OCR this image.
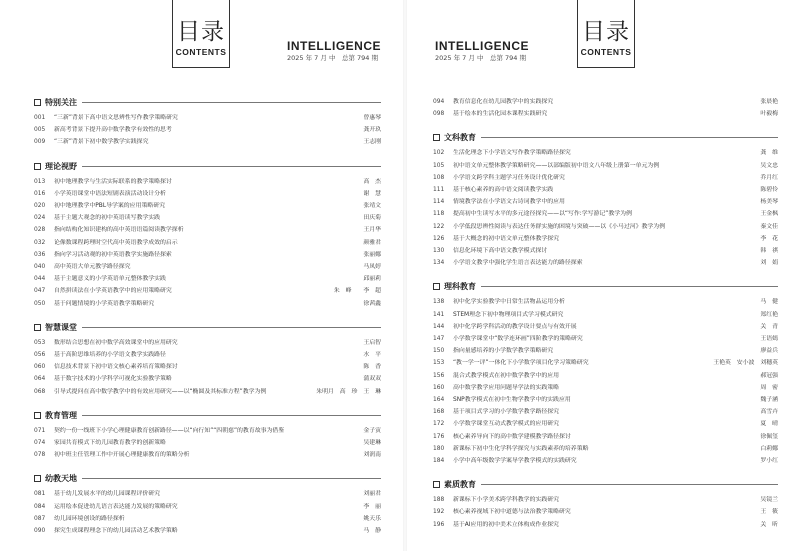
目录
CONTENTS	INTELLIGENCE
2025 年 7 月 中　总第 794 期
特别关注
001	“三新”背景下高中语文思辨性写作教学策略研究	曾惠琴
005	新高考背景下提升高中数学教学有效性的思考	龚开玖
009	“三新”背景下初中数学教学实践探究	王志刚
理论视野
013	初中地理教学与生活实际联系的教学策略探讨	高　杰
016	小学英语课堂中语法短剧表演活动设计分析	谢　慧
020	初中地理教学中PBL导学案的应用策略研究	张靖文
024	基于主题大观念的初中英语读写教学实践	田庆菊
028	指向结构化知识建构的高中英语语篇阅读教学探析	王月华
032	论像数课程跨理时空代高中英语教学成效的启示	颜雅君
036	指向学习活动观的初中英语教学实施路径探索	张丽娜
040	高中英语大单元教学路径探究	马凤婷
044	基于主题意义的小学英语单元整体教学实践	邱丽莉
047	自然拼读法在小学英语教学中的应用策略研究	朱　峰　　李　超
050	基于问题情境的小学英语教学策略研究	徐茜鑫
智慧课堂
053	数形结合思想在初中数学高效课堂中的应用研究	王启智
056	基于高阶思维培养的小学语文教学实践路径	水　平
060	信息技术背景下初中语文核心素养培育策略探讨	陈　香
064	基于数字技术的小学科学可视化实验教学策略	蒲双双
068	引导式提问在高中数学教学中的有效应用研究——以“椭圆及其标准方程”教学为例	朱明月　高　珍　王　琳
教育管理
071	契约一份一线班下小学心理健康教育创新路径——以“向行知”“四朝慈”的教育故事为借鉴	金子寅
074	家园共育模式下幼儿园教育教学的创新策略	吴建琳
078	初中班主任管理工作中开展心理健康教育的策略分析	刘润南
幼教天地
081	基于幼儿发展水平的幼儿园课程评价研究	刘丽君
084	运用绘本促进幼儿语言表达能力发展的策略研究	李　丽
087	幼儿园环境创设的路径探析	姚天乐
090	探究生成课程理念下的幼儿园活动艺术教学策略	马　静
INTELLIGENCE
2025 年 7 月 中　总第 794 期
目录
CONTENTS
094	教育信息化在幼儿园教学中的实践探究	张晨艳
098	基于绘本的生活化园本课程实践研究	叶毅梅
文科教育
102	生活化理念下小学语文写作教学策略路径探究	龚　维
105	初中语文单元整体教学策略研究——以部编版初中语文八年级上册第一单元为例	吴文忠
108	小学语文跨学科主题学习任务设计优化研究	乔月红
111	基于核心素养的高中语文阅读教学实践	陈碧伶
114	情境教学法在小学语文古诗词教学中的应用	杨美琴
118	提高初中生读写水平的多元途径探究——以“写作:学写游记”教学为例	王金枫
122	小学低段思辨性阅读与表达任务群实施的困境与突破——以《小马过河》教学为例	秦文佳
126	基于大概念的初中语文单元整体教学探究	李　花
130	信息化环境下高中语文教学模式探讨	韩　祺
134	小学语文教学中强化学生语言表达能力的路径探索	刘　娟
理科教育
138	初中化学实验教学中日常生活物品运用分析	马　健
141	STEM理念下初中物理项目式学习模式研究	郑红艳
144	初中化学跨学科活动的教学设计要点与有效开展	关　青
147	小学数学课堂中“数学连环画”四阶教学的策略研究	王语嫣
150	指向量感培养的小学数学教学策略研究	廖益兵
153	“教一学一评”一体化下小学数学项目化学习策略研究	王艳英　安小波　刘穗英
156	混合式教学模式在初中数学教学中的应用	郝冠强
160	高中数学教学应用问题导学法的实践策略	周　密
164	SNP教学模式在初中生物学教学中的实践应用	魏子涵
168	基于项目式学习的小学数学教学路径探究	高雪卉
172	小学数学课堂互动式教学模式的应用研究	夏　晴
176	核心素养导向下的高中数学建模教学路径探讨	徐佩玺
180	新课标下初中生化学科学探究与实践素养的培养策略	白莉娜
184	小学中高年级数学学案导学教学模式的实践研究	罗小红
素质教育
188	新课标下小学美术跨学科教学的实践研究	吴镜兰
192	核心素养视域下初中道德与法治教学策略研究	王　筱
196	基于AI应用的初中美术立体构成作业探究	关　昕
